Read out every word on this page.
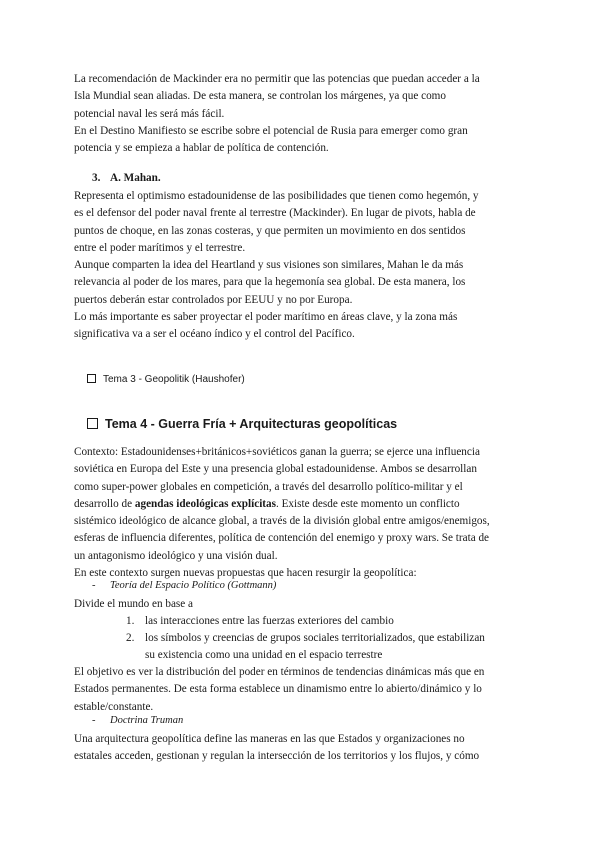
La recomendación de Mackinder era no permitir que las potencias que puedan acceder a la

Isla Mundial sean aliadas. De esta manera, se controlan los márgenes, ya que como

potencial naval les será más fácil.

En el Destino Manifiesto se escribe sobre el potencial de Rusia para emerger como gran

potencia y se empieza a hablar de política de contención.

3. A. Mahan.

Representa el optimismo estadounidense de las posibilidades que tienen como hegemón, y

es el defensor del poder naval frente al terrestre (Mackinder). En lugar de pivots, habla de

puntos de choque, en las zonas costeras, y que permiten un movimiento en dos sentidos

entre el poder marítimos y el terrestre.

Aunque comparten la idea del Heartland y sus visiones son similares, Mahan le da más

relevancia al poder de los mares, para que la hegemonía sea global. De esta manera, los

puertos deberán estar controlados por EEUU y no por Europa.

Lo más importante es saber proyectar el poder marítimo en áreas clave, y la zona más

significativa va a ser el océano índico y el control del Pacífico.

Tema 3 - Geopolitik (Haushofer)
Tema 4 - Guerra Fría + Arquitecturas geopolíticas

Contexto: Estadounidenses+británicos+soviéticos ganan la guerra; se ejerce una influencia

soviética en Europa del Este y una presencia global estadounidense. Ambos se desarrollan

como super-power globales en competición, a través del desarrollo político-militar y el

desarrollo de agendas ideológicas explícitas. Existe desde este momento un conflicto

sistémico ideológico de alcance global, a través de la división global entre amigos/enemigos,

esferas de influencia diferentes, política de contención del enemigo y proxy wars. Se trata de

un antagonismo ideológico y una visión dual.

En este contexto surgen nuevas propuestas que hacen resurgir la geopolítica:

- Teoría del Espacio Político (Gottmann)

Divide el mundo en base a

1. las interacciones entre las fuerzas exteriores del cambio

2. los símbolos y creencias de grupos sociales territorializados, que estabilizan

su existencia como una unidad en el espacio terrestre

El objetivo es ver la distribución del poder en términos de tendencias dinámicas más que en

Estados permanentes. De esta forma establece un dinamismo entre lo abierto/dinámico y lo

estable/constante.

- Doctrina Truman

Una arquitectura geopolítica define las maneras en las que Estados y organizaciones no

estatales acceden, gestionan y regulan la intersección de los territorios y los flujos, y cómo
